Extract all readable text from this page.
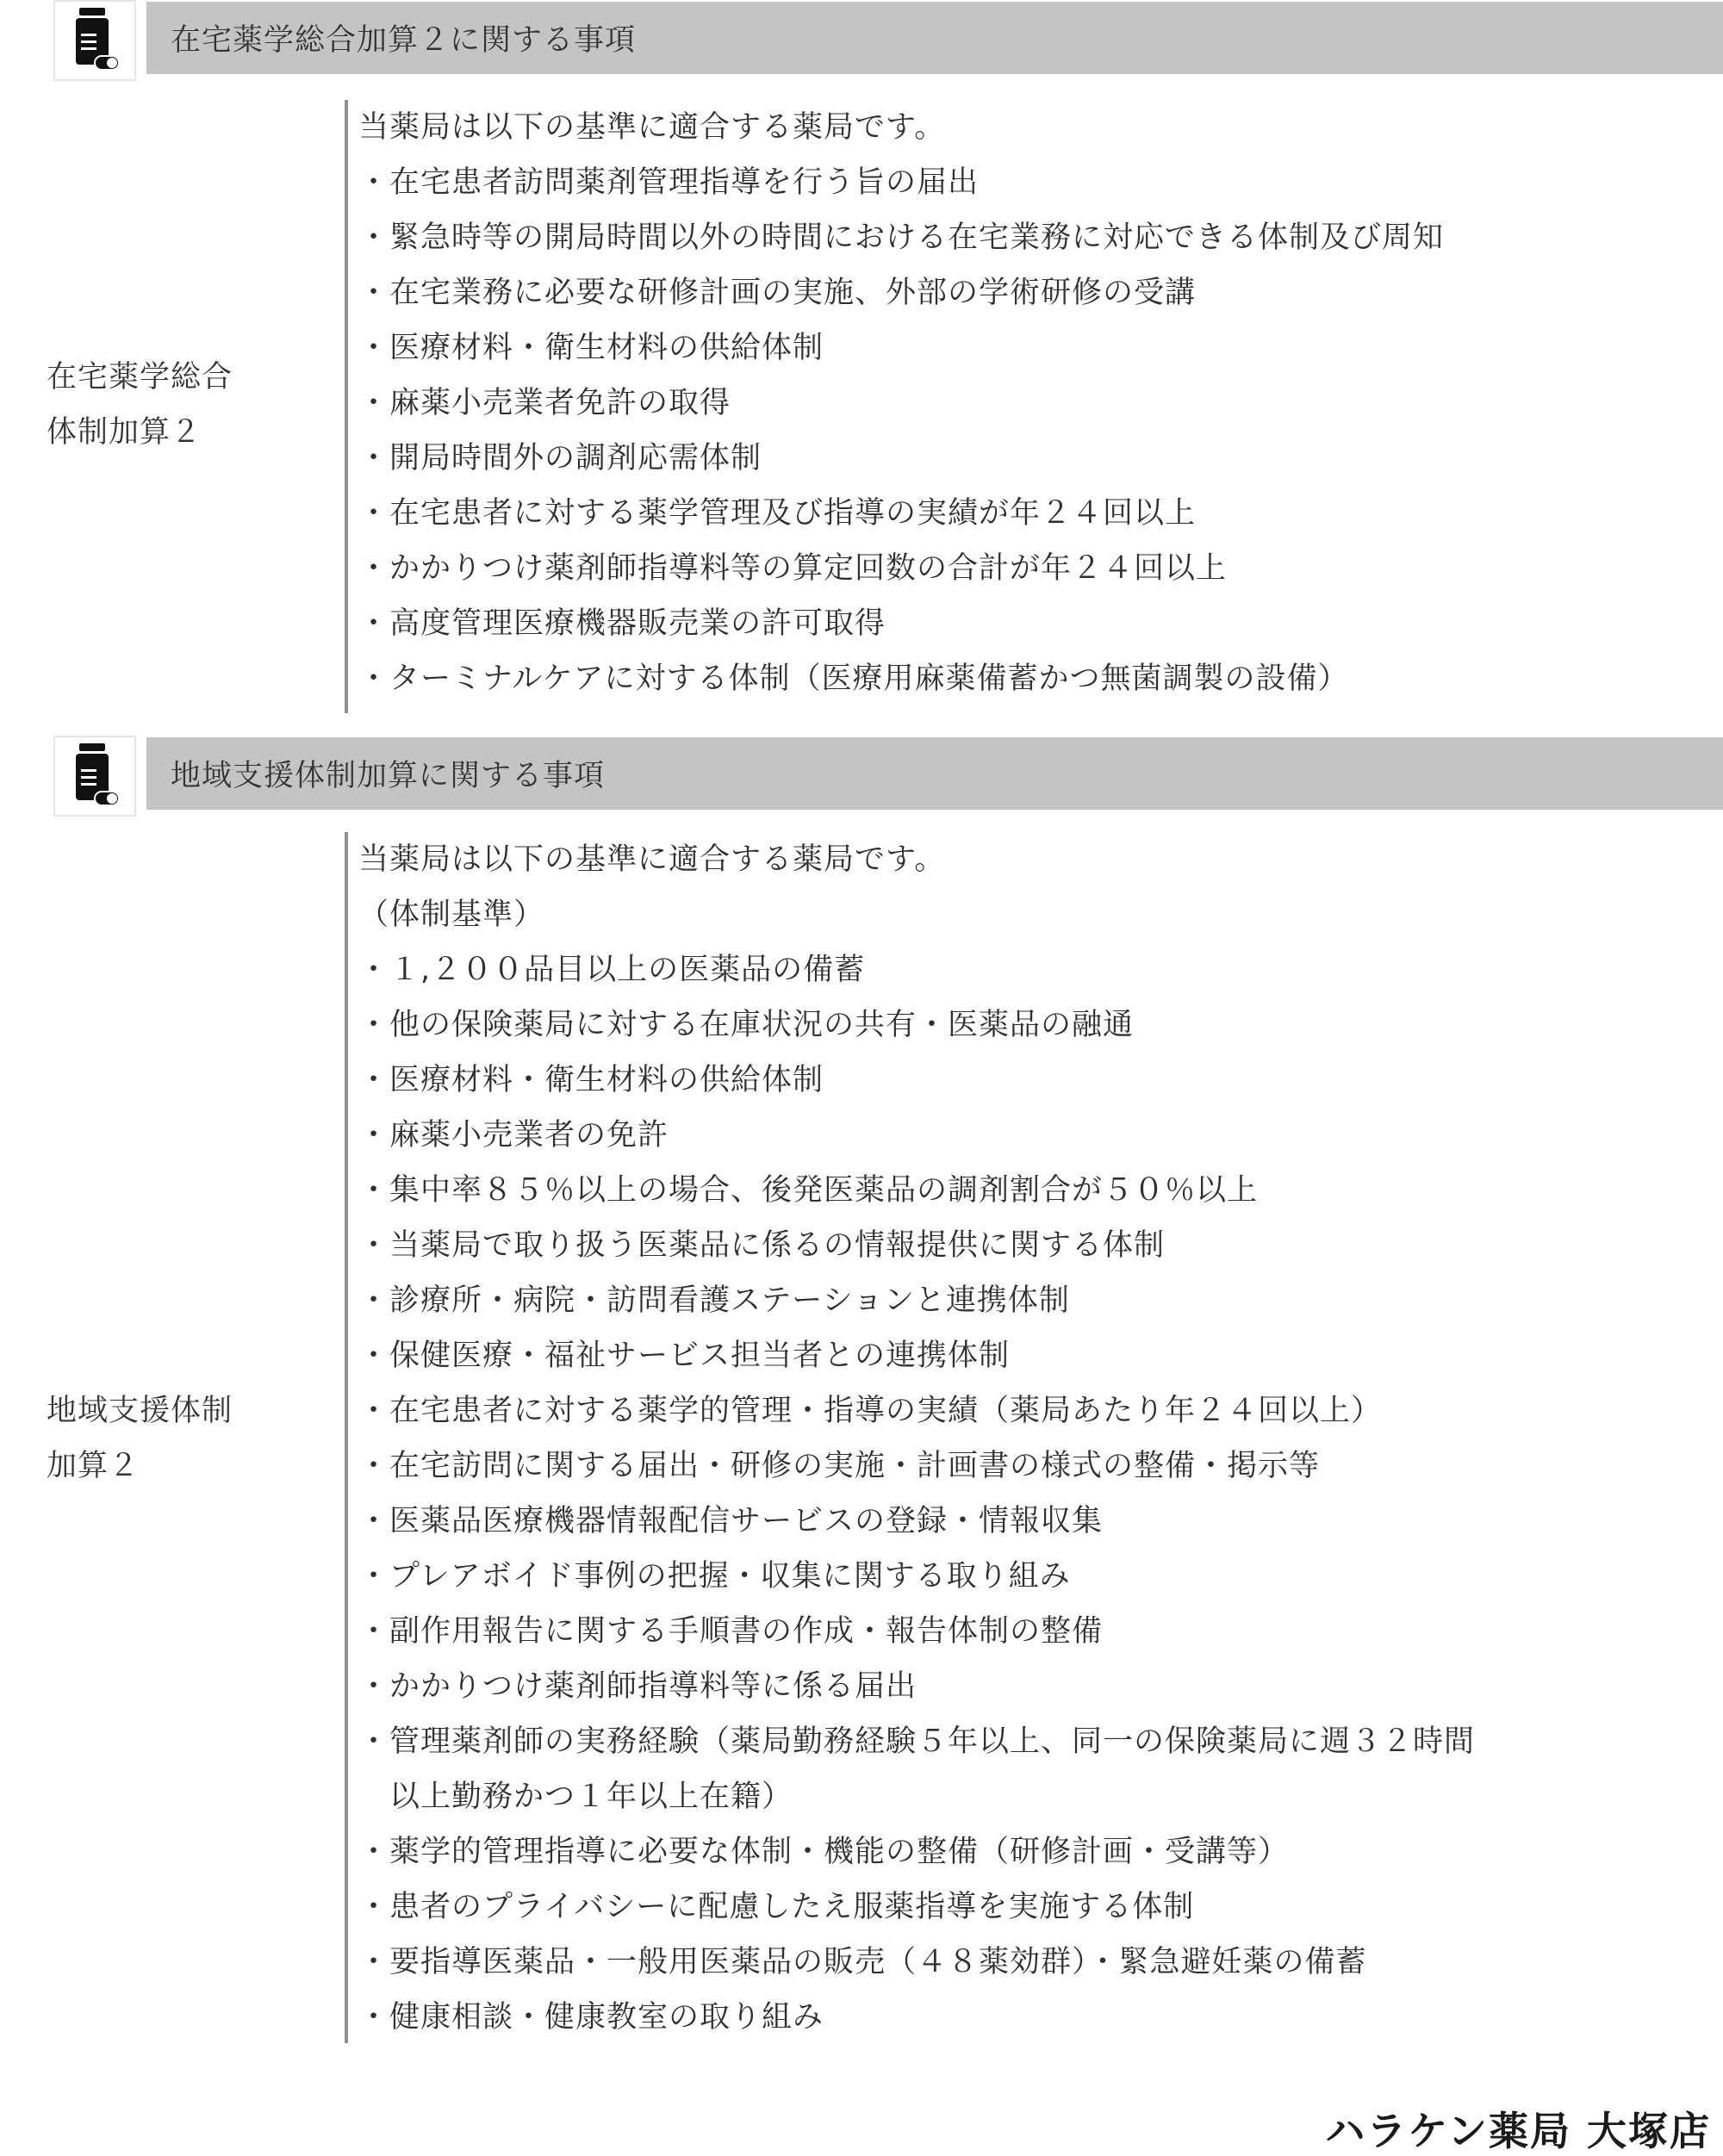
在宅薬学総合加算２に関する事項
在宅薬学総合
体制加算２
当薬局は以下の基準に適合する薬局です。
・ 在宅患者訪問薬剤管理指導を行う旨の届出
・ 緊急時等の開局時間以外の時間における在宅業務に対応できる体制及び周知
・ 在宅業務に必要な研修計画の実施、外部の学術研修の受講
・ 医療材料・衛生材料の供給体制
・ 麻薬小売業者免許の取得
・ 開局時間外の調剤応需体制
・ 在宅患者に対する薬学管理及び指導の実績が年２４回以上
・ かかりつけ薬剤師指導料等の算定回数の合計が年２４回以上
・ 高度管理医療機器販売業の許可取得
・ ターミナルケアに対する体制（医療用麻薬備蓄かつ無菌調製の設備）
地域支援体制加算に関する事項
地域支援体制
加算２
当薬局は以下の基準に適合する薬局です。
（体制基準）
・ １,２００品目以上の医薬品の備蓄
・ 他の保険薬局に対する在庫状況の共有・医薬品の融通
・ 医療材料・衛生材料の供給体制
・ 麻薬小売業者の免許
・ 集中率８５％以上の場合、後発医薬品の調剤割合が５０％以上
・ 当薬局で取り扱う医薬品に係るの情報提供に関する体制
・ 診療所・病院・訪問看護ステーションと連携体制
・ 保健医療・福祉サービス担当者との連携体制
・ 在宅患者に対する薬学的管理・指導の実績（薬局あたり年２４回以上）
・ 在宅訪問に関する届出・研修の実施・計画書の様式の整備・掲示等
・ 医薬品医療機器情報配信サービスの登録・情報収集
・ プレアボイド事例の把握・収集に関する取り組み
・ 副作用報告に関する手順書の作成・報告体制の整備
・ かかりつけ薬剤師指導料等に係る届出
・ 管理薬剤師の実務経験（薬局勤務経験５年以上、同一の保険薬局に週３２時間
以上勤務かつ１年以上在籍）
・ 薬学的管理指導に必要な体制・機能の整備（研修計画・受講等）
・ 患者のプライバシーに配慮したえ服薬指導を実施する体制
・ 要指導医薬品・一般用医薬品の販売（４８薬効群）・緊急避妊薬の備蓄
・ 健康相談・健康教室の取り組み
ハラケン薬局 大塚店
